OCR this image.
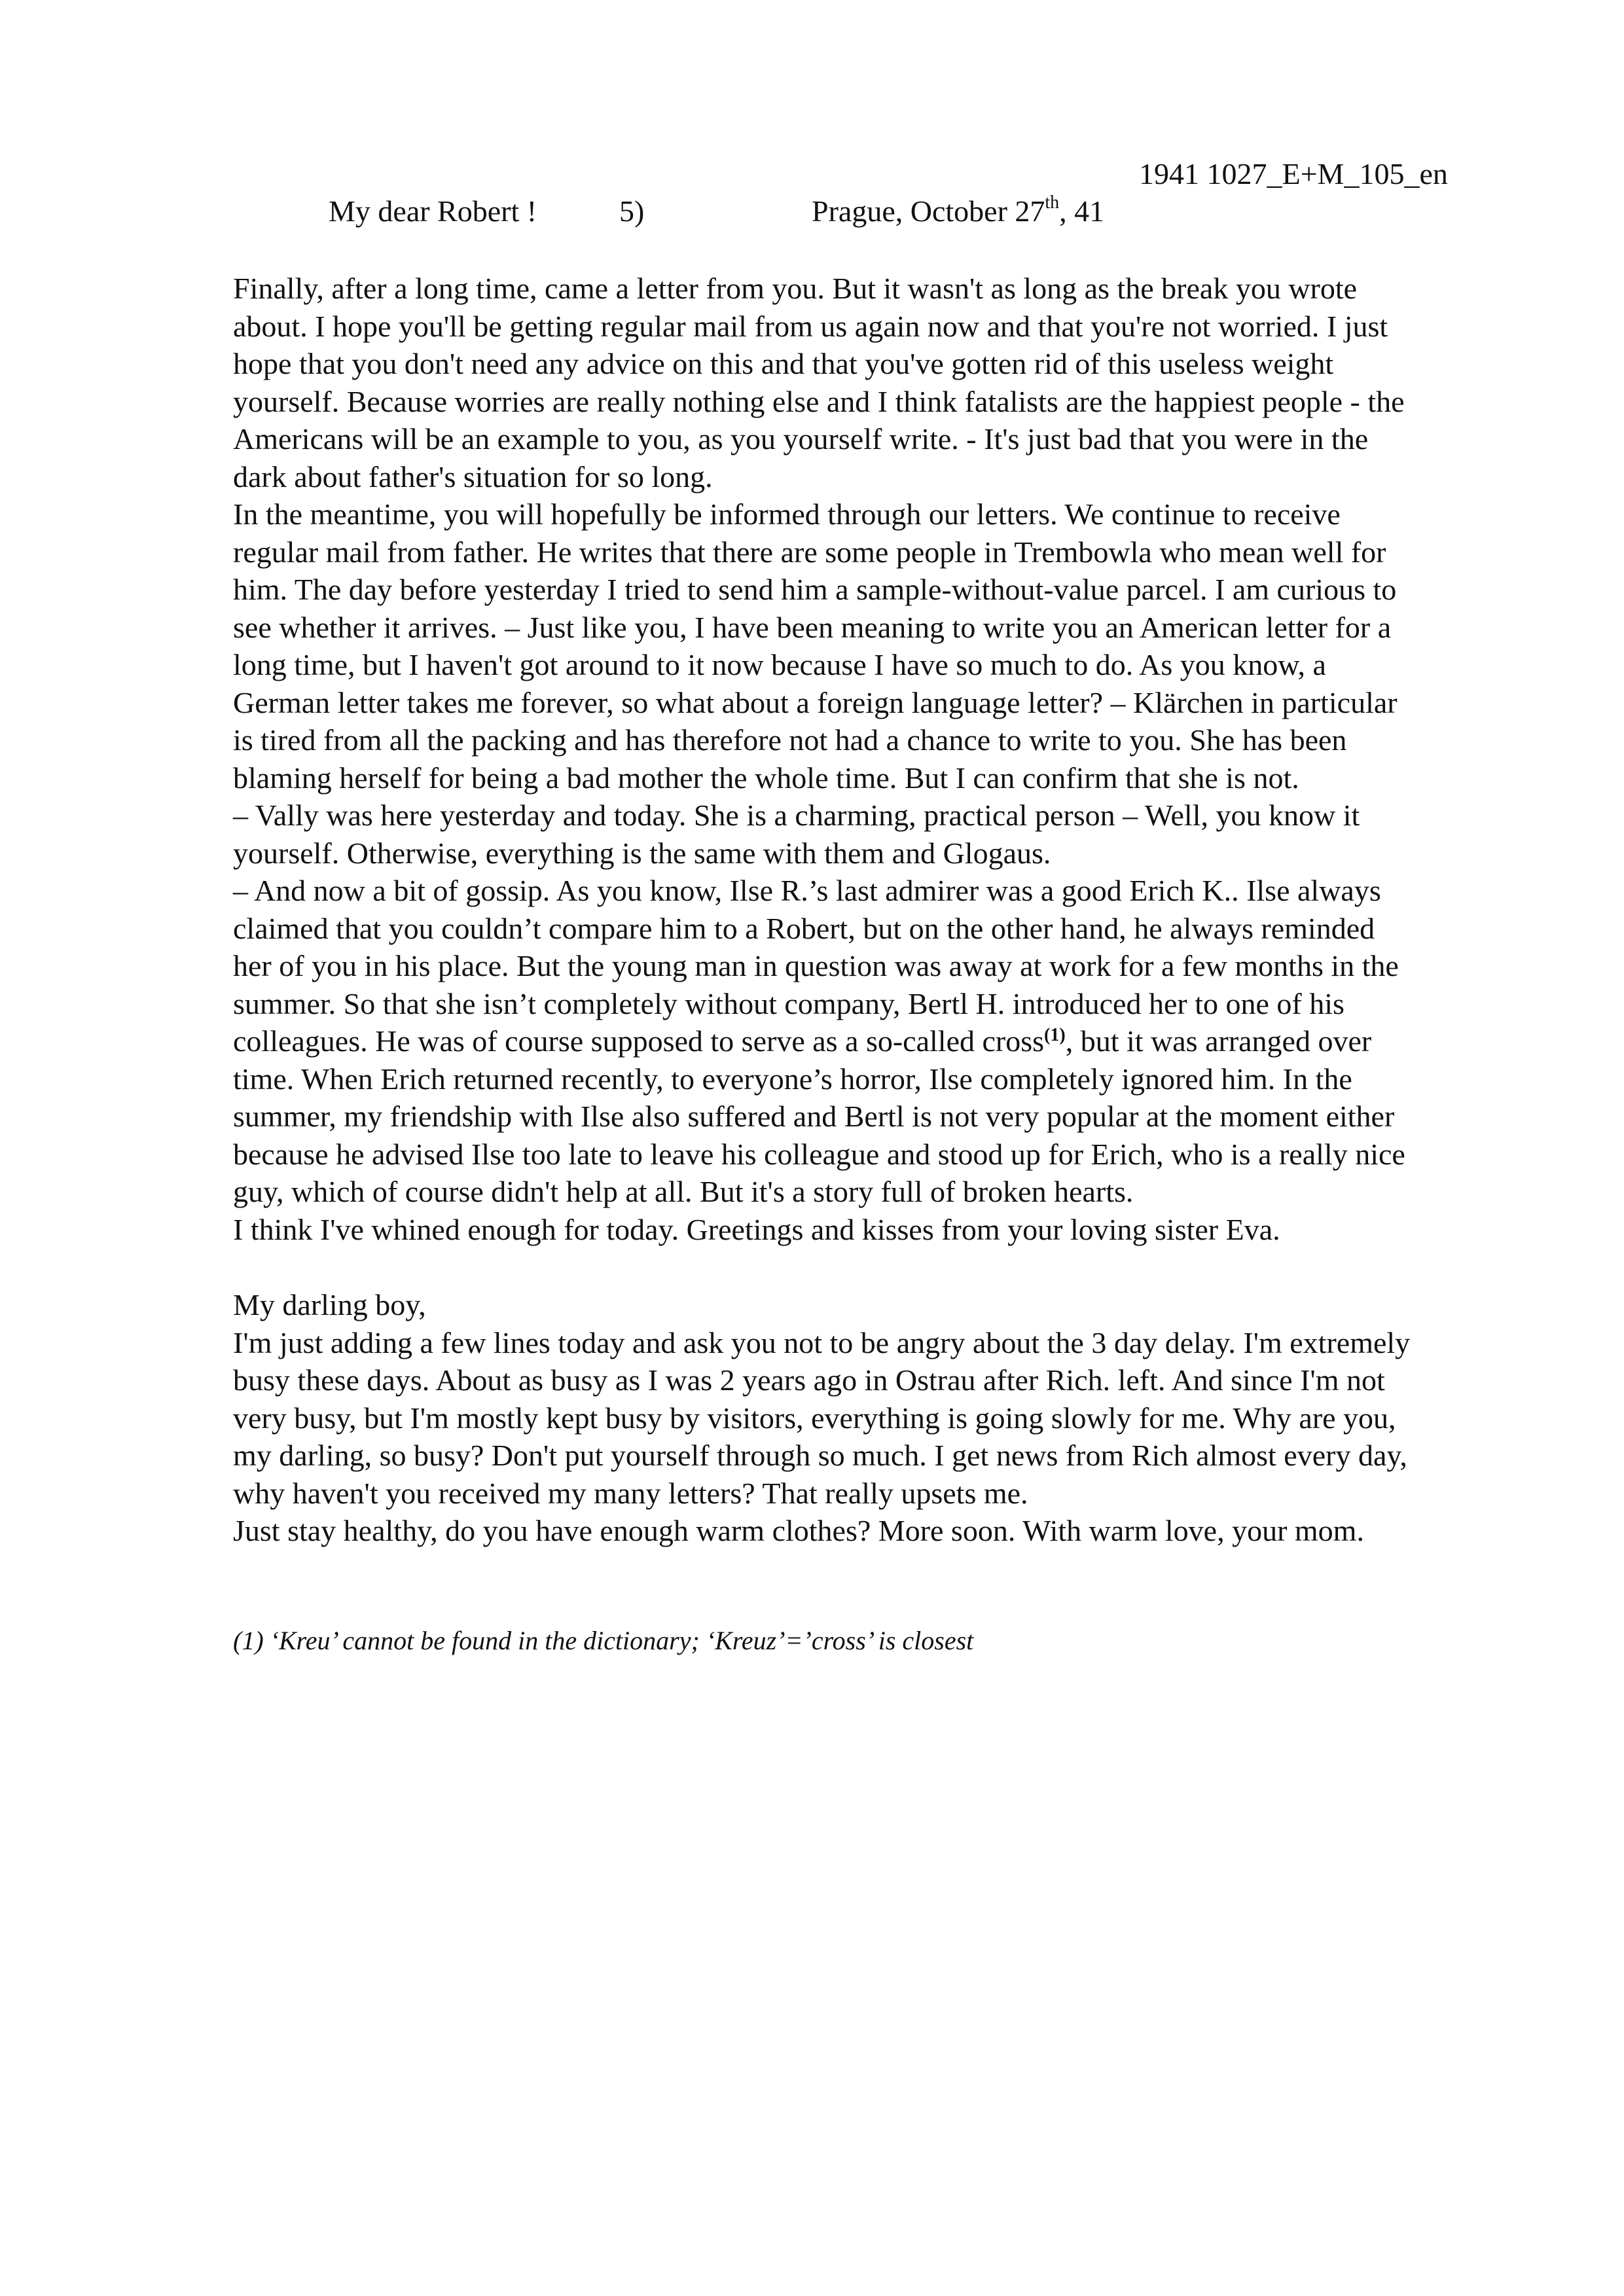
1941 1027_E+M_105_en
My dear Robert !	5)	Prague, October 27th, 41

Finally, after a long time, came a letter from you. But it wasn't as long as the break you wrote

about. I hope you'll be getting regular mail from us again now and that you're not worried. I just

hope that you don't need any advice on this and that you've gotten rid of this useless weight

yourself. Because worries are really nothing else and I think fatalists are the happiest people - the

Americans will be an example to you, as you yourself write. - It's just bad that you were in the

dark about father's situation for so long.

In the meantime, you will hopefully be informed through our letters. We continue to receive

regular mail from father. He writes that there are some people in Trembowla who mean well for

him. The day before yesterday I tried to send him a sample-without-value parcel. I am curious to

see whether it arrives. – Just like you, I have been meaning to write you an American letter for a

long time, but I haven't got around to it now because I have so much to do. As you know, a

German letter takes me forever, so what about a foreign language letter? – Klärchen in particular

is tired from all the packing and has therefore not had a chance to write to you. She has been

blaming herself for being a bad mother the whole time. But I can confirm that she is not.

– Vally was here yesterday and today. She is a charming, practical person – Well, you know it

yourself. Otherwise, everything is the same with them and Glogaus.

– And now a bit of gossip. As you know, Ilse R.’s last admirer was a good Erich K.. Ilse always

claimed that you couldn’t compare him to a Robert, but on the other hand, he always reminded

her of you in his place. But the young man in question was away at work for a few months in the

summer. So that she isn’t completely without company, Bertl H. introduced her to one of his

colleagues. He was of course supposed to serve as a so-called cross$^{(1)}$, but it was arranged over

time. When Erich returned recently, to everyone’s horror, Ilse completely ignored him. In the

summer, my friendship with Ilse also suffered and Bertl is not very popular at the moment either

because he advised Ilse too late to leave his colleague and stood up for Erich, who is a really nice

guy, which of course didn't help at all. But it's a story full of broken hearts.

I think I've whined enough for today. Greetings and kisses from your loving sister Eva.

My darling boy,

I'm just adding a few lines today and ask you not to be angry about the 3 day delay. I'm extremely

busy these days. About as busy as I was 2 years ago in Ostrau after Rich. left. And since I'm not

very busy, but I'm mostly kept busy by visitors, everything is going slowly for me. Why are you,

my darling, so busy? Don't put yourself through so much. I get news from Rich almost every day,

why haven't you received my many letters? That really upsets me.

Just stay healthy, do you have enough warm clothes? More soon. With warm love, your mom.

(1) ‘Kreu’ cannot be found in the dictionary; ‘Kreuz’=’cross’ is closest
